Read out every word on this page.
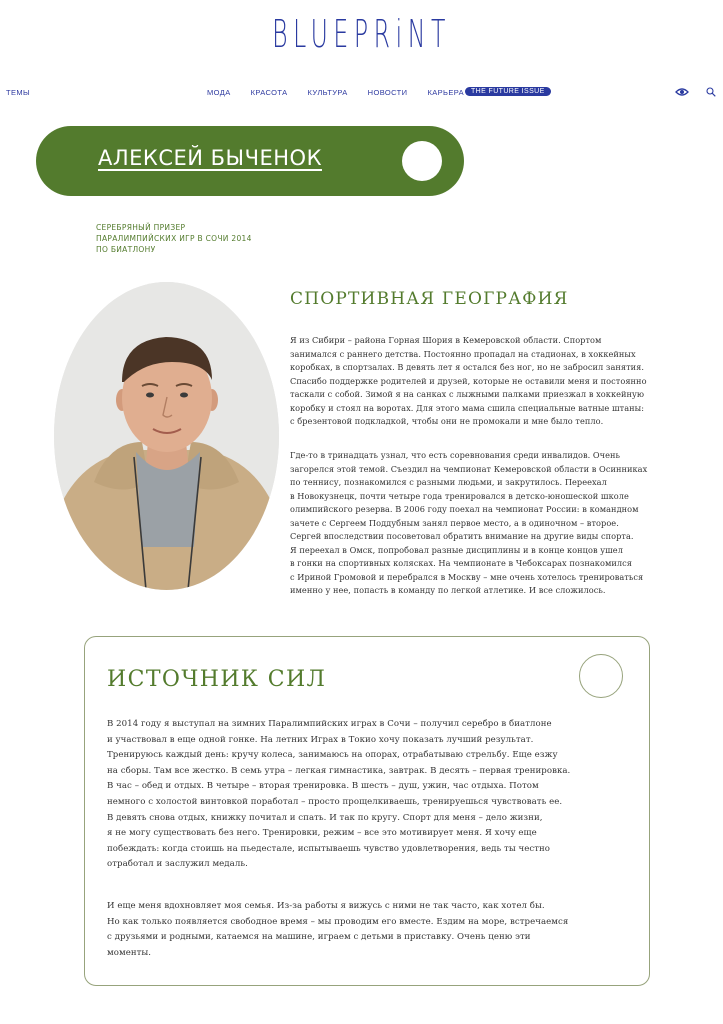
BLUEPRiNT
ТЕМЫ	МОДА	КРАСОТА	КУЛЬТУРА	НОВОСТИ	КАРЬЕРА THE FUTURE ISSUE
АЛЕКСЕЙ БЫЧЕНОК
СЕРЕБРЯНЫЙ ПРИЗЕР
ПАРАЛИМПИЙСКИХ ИГР В СОЧИ 2014
ПО БИАТЛОНУ
СПОРТИВНАЯ ГЕОГРАФИЯ
Я из Сибири – района Горная Шория в Кемеровской области. Спортом
занимался с раннего детства. Постоянно пропадал на стадионах, в хоккейных
коробках, в спортзалах. В девять лет я остался без ног, но не забросил занятия.
Спасибо поддержке родителей и друзей, которые не оставили меня и постоянно
таскали с собой. Зимой я на санках с лыжными палками приезжал в хоккейную
коробку и стоял на воротах. Для этого мама сшила специальные ватные штаны:
с брезентовой подкладкой, чтобы они не промокали и мне было тепло.
Где-то в тринадцать узнал, что есть соревнования среди инвалидов. Очень
загорелся этой темой. Съездил на чемпионат Кемеровской области в Осинниках
по теннису, познакомился с разными людьми, и закрутилось. Переехал
в Новокузнецк, почти четыре года тренировался в детско-юношеской школе
олимпийского резерва. В 2006 году поехал на чемпионат России: в командном
зачете с Сергеем Поддубным занял первое место, а в одиночном – второе.
Сергей впоследствии посоветовал обратить внимание на другие виды спорта.
Я переехал в Омск, попробовал разные дисциплины и в конце концов ушел
в гонки на спортивных колясках. На чемпионате в Чебоксарах познакомился
с Ириной Громовой и перебрался в Москву – мне очень хотелось тренироваться
именно у нее, попасть в команду по легкой атлетике. И все сложилось.
ИСТОЧНИК СИЛ
В 2014 году я выступал на зимних Паралимпийских играх в Сочи – получил серебро в биатлоне
и участвовал в еще одной гонке. На летних Играх в Токио хочу показать лучший результат.
Тренируюсь каждый день: кручу колеса, занимаюсь на опорах, отрабатываю стрельбу. Еще езжу
на сборы. Там все жестко. В семь утра – легкая гимнастика, завтрак. В десять – первая тренировка.
В час – обед и отдых. В четыре – вторая тренировка. В шесть – душ, ужин, час отдыха. Потом
немного с холостой винтовкой поработал – просто прощелкиваешь, тренируешься чувствовать ее.
В девять снова отдых, книжку почитал и спать. И так по кругу. Спорт для меня – дело жизни,
я не могу существовать без него. Тренировки, режим – все это мотивирует меня. Я хочу еще
побеждать: когда стоишь на пьедестале, испытываешь чувство удовлетворения, ведь ты честно
отработал и заслужил медаль.
И еще меня вдохновляет моя семья. Из-за работы я вижусь с ними не так часто, как хотел бы.
Но как только появляется свободное время – мы проводим его вместе. Ездим на море, встречаемся
с друзьями и родными, катаемся на машине, играем с детьми в приставку. Очень ценю эти
моменты.
